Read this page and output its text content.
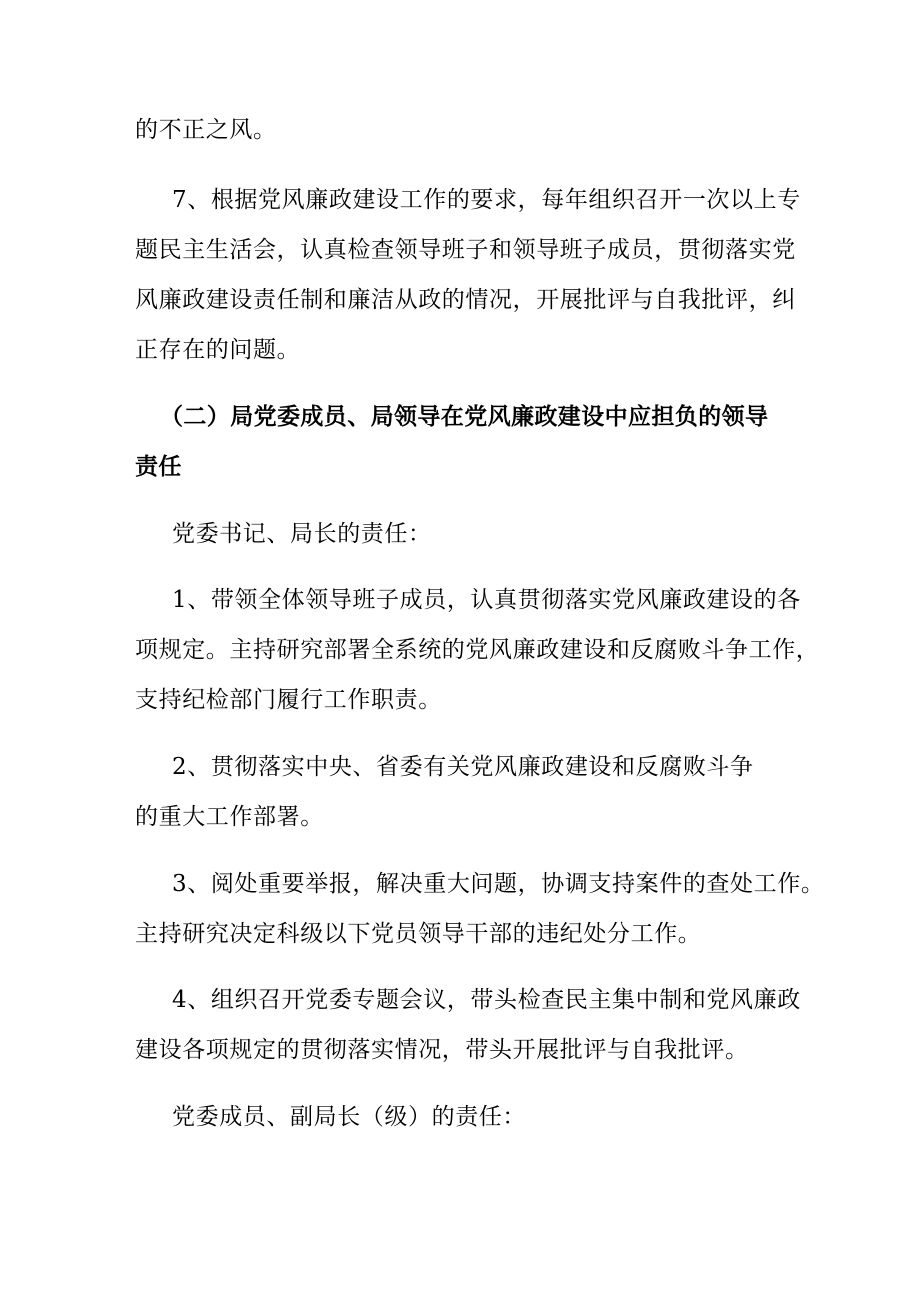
的不正之风。
7、根据党风廉政建设工作的要求，每年组织召开一次以上专
题民主生活会，认真检查领导班子和领导班子成员，贯彻落实党
风廉政建设责任制和廉洁从政的情况，开展批评与自我批评，纠
正存在的问题。
（二）局党委成员、局领导在党风廉政建设中应担负的领导
责任
党委书记、局长的责任：
1、带领全体领导班子成员，认真贯彻落实党风廉政建设的各
项规定。主持研究部署全系统的党风廉政建设和反腐败斗争工作，
支持纪检部门履行工作职责。
2、贯彻落实中央、省委有关党风廉政建设和反腐败斗争
的重大工作部署。
3、阅处重要举报，解决重大问题，协调支持案件的查处工作。
主持研究决定科级以下党员领导干部的违纪处分工作。
4、组织召开党委专题会议，带头检查民主集中制和党风廉政
建设各项规定的贯彻落实情况，带头开展批评与自我批评。
党委成员、副局长（级）的责任：
